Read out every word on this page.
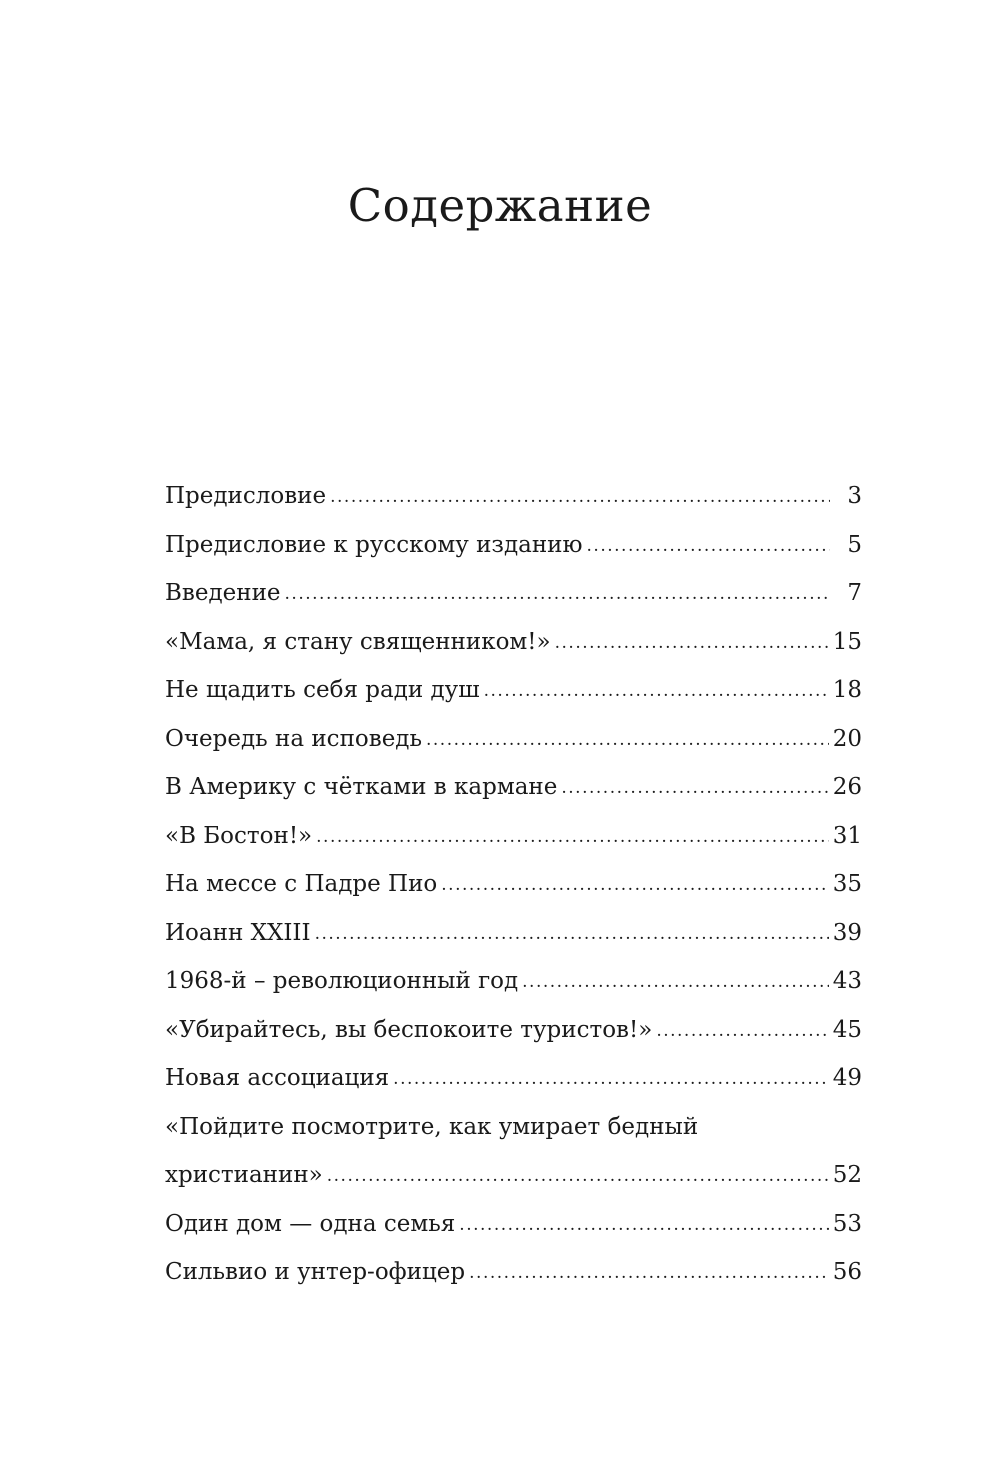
Содержание
Предисловие .....	3
Предисловие к русскому изданию .....	5
Введение .....	7
«Мама, я стану священником!» .....	15
Не щадить себя ради душ .....	18
Очередь на исповедь .....	20
В Америку с чётками в кармане .....	26
«В Бостон!» .....	31
На мессе с Падре Пио .....	35
Иоанн XXIII .....	39
1968-й – революционный год .....	43
«Убирайтесь, вы беспокоите туристов!» .....	45
Новая ассоциация .....	49
«Пойдите посмотрите, как умирает бедный
христианин» .....	52
Один дом — одна семья .....	53
Сильвио и унтер-офицер .....	56
